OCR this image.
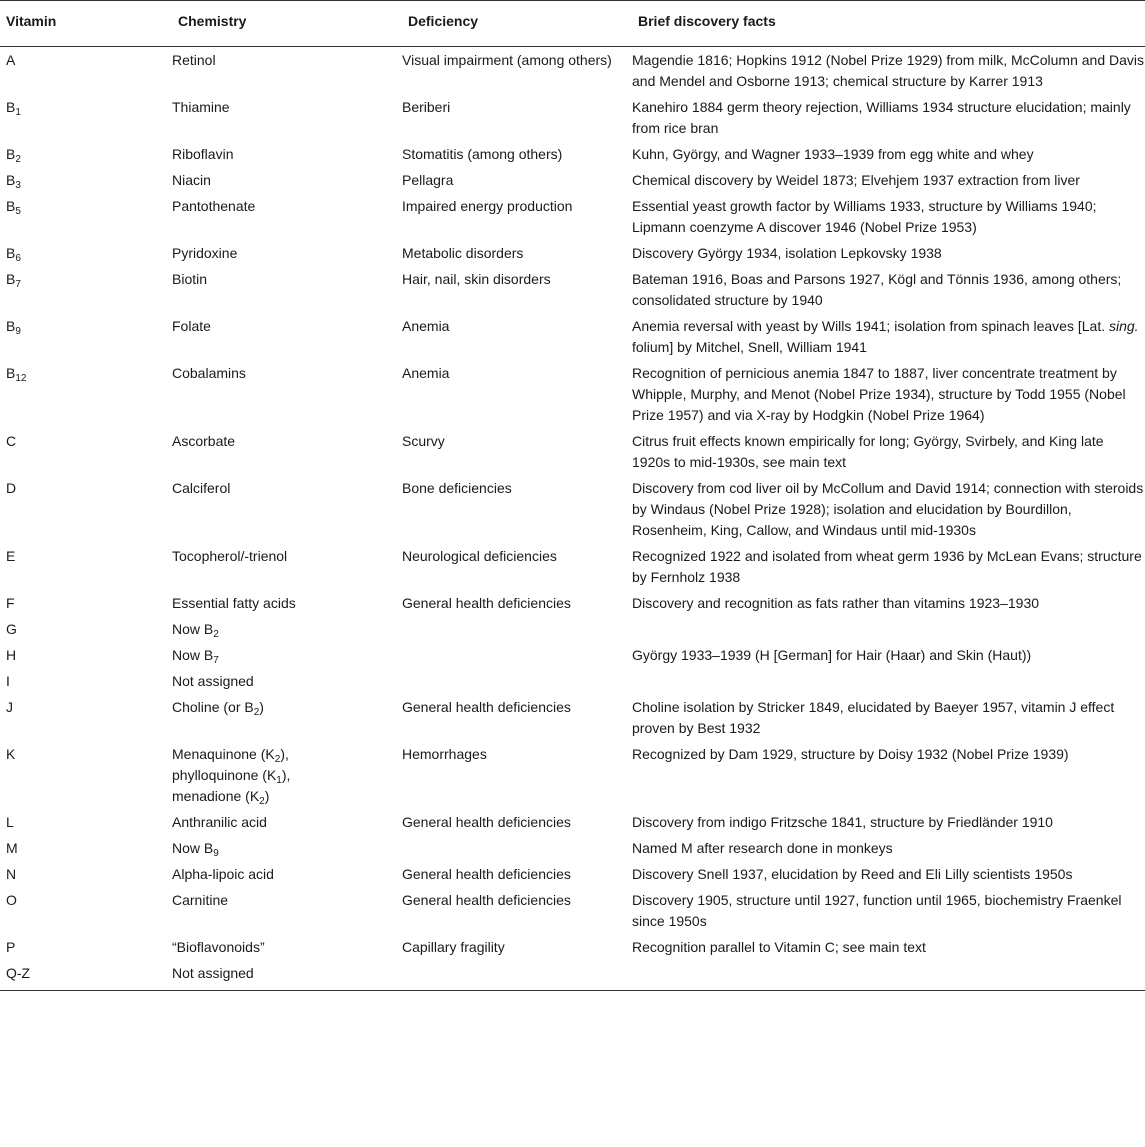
Vitamin	Chemistry	Deficiency	Brief discovery facts
A	Retinol	Visual impairment (among others)	Magendie 1816; Hopkins 1912 (Nobel Prize 1929) from milk, McColumn and Davis and Mendel and Osborne 1913; chemical structure by Karrer 1913
$B_1$	Thiamine	Beriberi	Kanehiro 1884 germ theory rejection, Williams 1934 structure elucidation; mainly from rice bran
$B_2$	Riboflavin	Stomatitis (among others)	Kuhn, György, and Wagner 1933–1939 from egg white and whey
$B_3$	Niacin	Pellagra	Chemical discovery by Weidel 1873; Elvehjem 1937 extraction from liver
$B_5$	Pantothenate	Impaired energy production	Essential yeast growth factor by Williams 1933, structure by Williams 1940; Lipmann coenzyme A discover 1946 (Nobel Prize 1953)
$B_6$	Pyridoxine	Metabolic disorders	Discovery György 1934, isolation Lepkovsky 1938
$B_7$	Biotin	Hair, nail, skin disorders	Bateman 1916, Boas and Parsons 1927, Kögl and Tönnis 1936, among others; consolidated structure by 1940
$B_9$	Folate	Anemia	Anemia reversal with yeast by Wills 1941; isolation from spinach leaves [Lat. sing. folium] by Mitchel, Snell, William 1941
$B_{12}$	Cobalamins	Anemia	Recognition of pernicious anemia 1847 to 1887, liver concentrate treatment by Whipple, Murphy, and Menot (Nobel Prize 1934), structure by Todd 1955 (Nobel Prize 1957) and via X-ray by Hodgkin (Nobel Prize 1964)
C	Ascorbate	Scurvy	Citrus fruit effects known empirically for long; György, Svirbely, and King late 1920s to mid-1930s, see main text
D	Calciferol	Bone deficiencies	Discovery from cod liver oil by McCollum and David 1914; connection with steroids by Windaus (Nobel Prize 1928); isolation and elucidation by Bourdillon, Rosenheim, King, Callow, and Windaus until mid-1930s
E	Tocopherol/-trienol	Neurological deficiencies	Recognized 1922 and isolated from wheat germ 1936 by McLean Evans; structure by Fernholz 1938
F	Essential fatty acids	General health deficiencies	Discovery and recognition as fats rather than vitamins 1923–1930
G	Now $B_2$		
H	Now $B_7$		György 1933–1939 (H [German] for Hair (Haar) and Skin (Haut))
I	Not assigned		
J	Choline (or $B_2$)	General health deficiencies	Choline isolation by Stricker 1849, elucidated by Baeyer 1957, vitamin J effect proven by Best 1932
K	Menaquinone $(K_2)$,
phylloquinone $(K_1)$,
menadione $(K_2)$	Hemorrhages	Recognized by Dam 1929, structure by Doisy 1932 (Nobel Prize 1939)
L	Anthranilic acid	General health deficiencies	Discovery from indigo Fritzsche 1841, structure by Friedländer 1910
M	Now $B_9$		Named M after research done in monkeys
N	Alpha-lipoic acid	General health deficiencies	Discovery Snell 1937, elucidation by Reed and Eli Lilly scientists 1950s
O	Carnitine	General health deficiencies	Discovery 1905, structure until 1927, function until 1965, biochemistry Fraenkel since 1950s
P	“Bioflavonoids”	Capillary fragility	Recognition parallel to Vitamin C; see main text
Q-Z	Not assigned		
